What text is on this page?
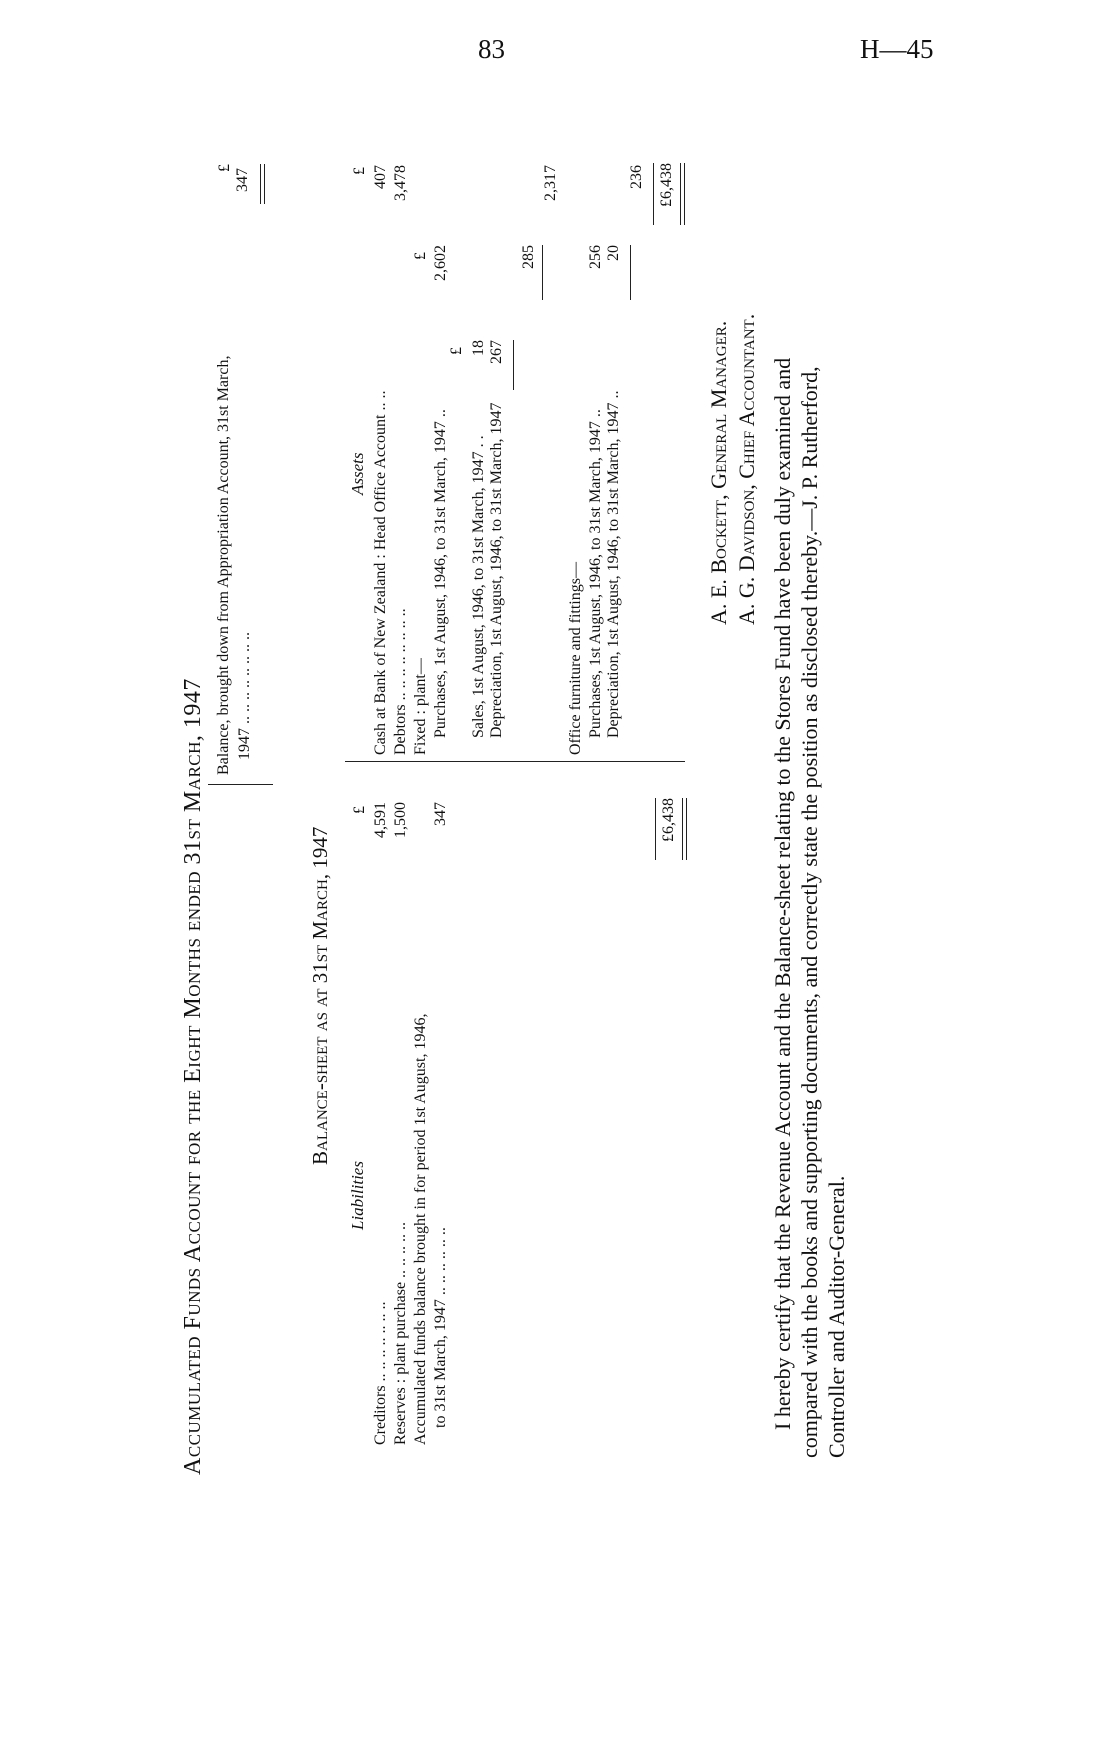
83	H—45
Accumulated Funds Account for the Eight Months ended 31st March, 1947
Balance, brought down from Appropriation Account, 31st March, 1947 .. .. .. .. .. .. .. ..
£ 347
Balance-sheet as at 31st March, 1947
Liabilities
£
Creditors .. .. .. .. .. .. ..
4,591
Reserves : plant purchase .. .. .. .. ..
1,500
Accumulated funds balance brought in for period 1st August, 1946, to 31st March, 1947 .. .. .. .. .. ..
347	£6,438
Assets
£
Cash at Bank of New Zealand : Head Office Account .. ..
407
Debtors .. .. .. .. .. .. .. ..
3,478
Fixed : plant—
£
Purchases, 1st August, 1946, to 31st March, 1947 ..
2,602
£
Sales, 1st August, 1946, to 31st March, 1947 . .
18
Depreciation, 1st August, 1946, to 31st March, 1947
267
285
2,317
Office furniture and fittings— Purchases, 1st August, 1946, to 31st March, 1947 ..
256
Depreciation, 1st August, 1946, to 31st March, 1947 ..
20
236 £6,438
A. E. Bockett, General Manager. A. G. Davidson, Chief Accountant. I hereby certify that the Revenue Account and the Balance-sheet relating to the Stores Fund have been duly examined and compared with the books and supporting documents, and correctly state the position as disclosed thereby.—J. P. Rutherford, Controller and Auditor-General.
